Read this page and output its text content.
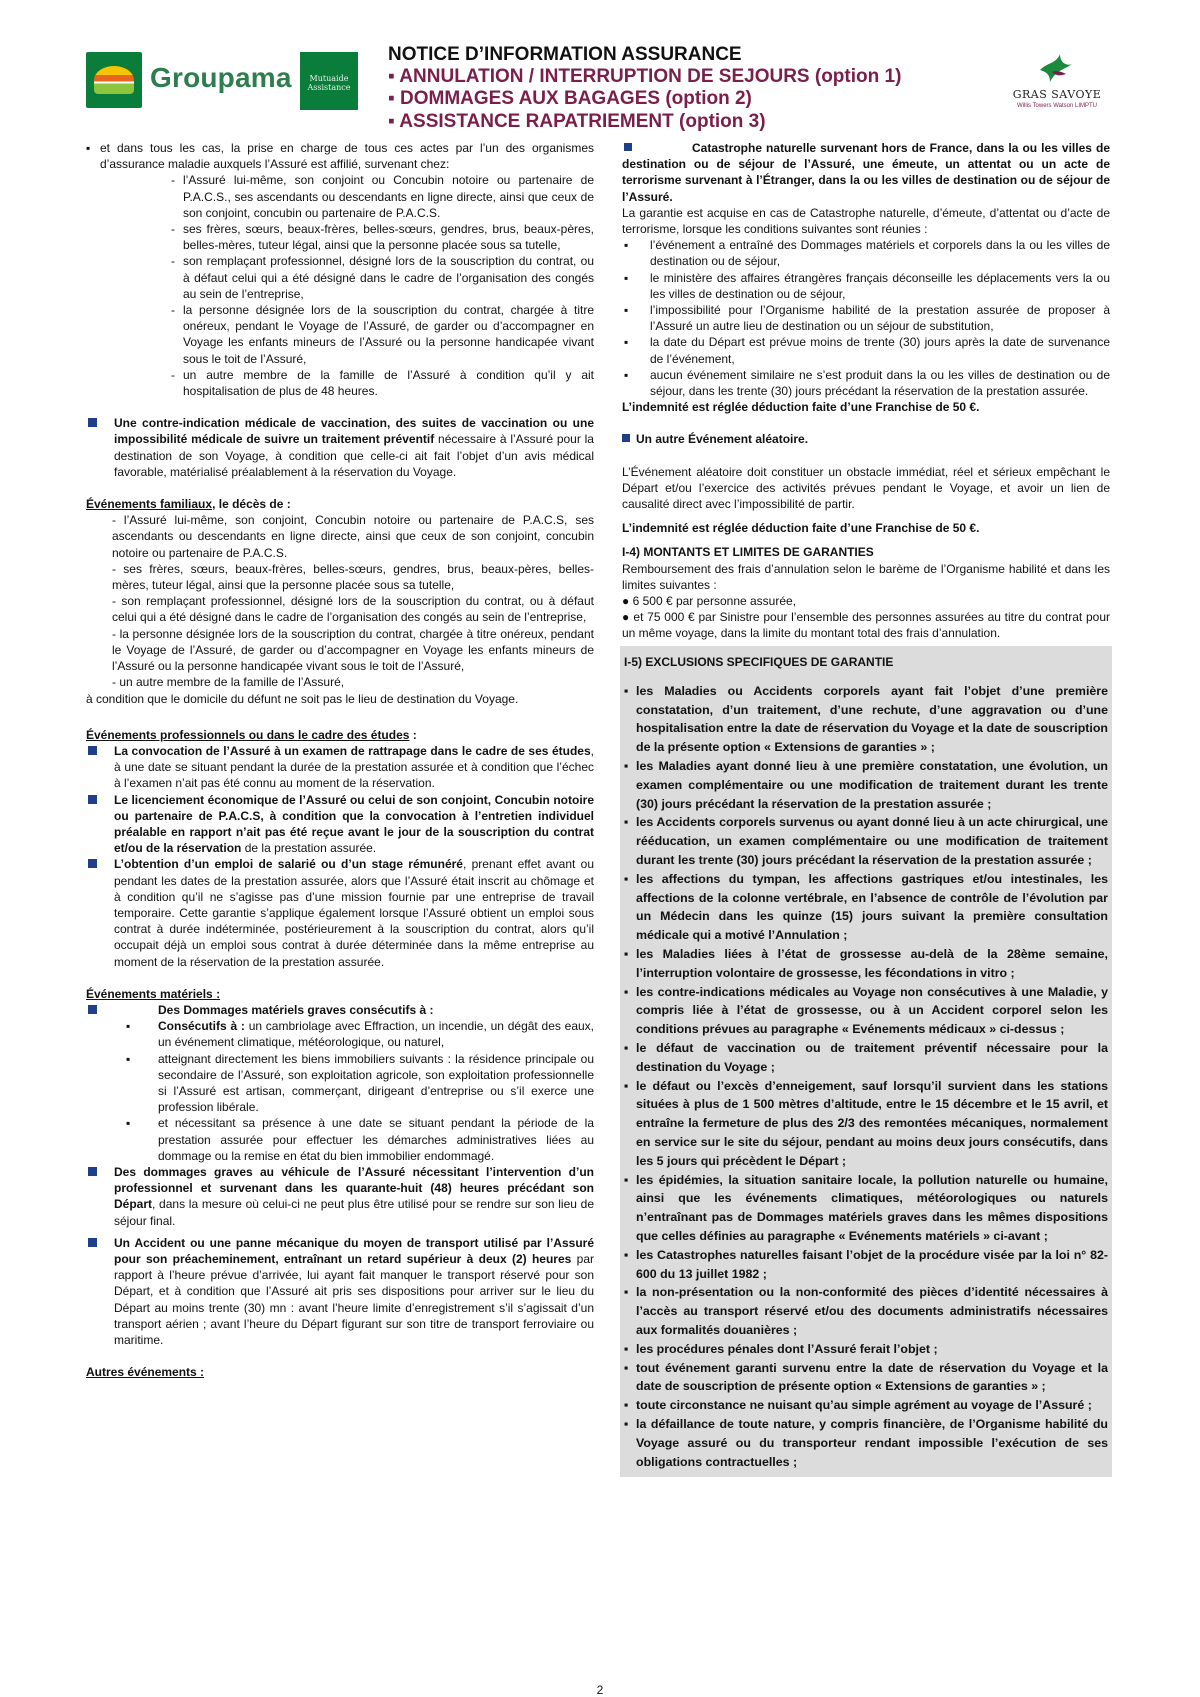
Groupama	Mutuaide Assistance
NOTICE D’INFORMATION ASSURANCE
▪ ANNULATION / INTERRUPTION DE SEJOURS (option 1)
▪ DOMMAGES AUX BAGAGES (option 2)
▪ ASSISTANCE RAPATRIEMENT (option 3)
GRAS SAVOYE
Willis Towers Watson LIMPTU
▪ et dans tous les cas, la prise en charge de tous ces actes par l’un des organismes d’assurance maladie auxquels l’Assuré est affilié, survenant chez:

- l’Assuré lui-même, son conjoint ou Concubin notoire ou partenaire de P.A.C.S., ses ascendants ou descendants en ligne directe, ainsi que ceux de son conjoint, concubin ou partenaire de P.A.C.S.

- ses frères, sœurs, beaux-frères, belles-sœurs, gendres, brus, beaux-pères, belles-mères, tuteur légal, ainsi que la personne placée sous sa tutelle,

- son remplaçant professionnel, désigné lors de la souscription du contrat, ou à défaut celui qui a été désigné dans le cadre de l’organisation des congés au sein de l’entreprise,

- la personne désignée lors de la souscription du contrat, chargée à titre onéreux, pendant le Voyage de l’Assuré, de garder ou d’accompagner en Voyage les enfants mineurs de l’Assuré ou la personne handicapée vivant sous le toit de l’Assuré,

- un autre membre de la famille de l’Assuré à condition qu’il y ait hospitalisation de plus de 48 heures.

Une contre-indication médicale de vaccination, des suites de vaccination ou une impossibilité médicale de suivre un traitement préventif nécessaire à l’Assuré pour la destination de son Voyage, à condition que celle-ci ait fait l’objet d’un avis médical favorable, matérialisé préalablement à la réservation du Voyage.

Événements familiaux, le décès de :

- l’Assuré lui-même, son conjoint, Concubin notoire ou partenaire de P.A.C.S, ses ascendants ou descendants en ligne directe, ainsi que ceux de son conjoint, concubin notoire ou partenaire de P.A.C.S.

- ses frères, sœurs, beaux-frères, belles-sœurs, gendres, brus, beaux-pères, belles-mères, tuteur légal, ainsi que la personne placée sous sa tutelle,

- son remplaçant professionnel, désigné lors de la souscription du contrat, ou à défaut celui qui a été désigné dans le cadre de l’organisation des congés au sein de l’entreprise,

- la personne désignée lors de la souscription du contrat, chargée à titre onéreux, pendant le Voyage de l’Assuré, de garder ou d’accompagner en Voyage les enfants mineurs de l’Assuré ou la personne handicapée vivant sous le toit de l’Assuré,

- un autre membre de la famille de l’Assuré,

à condition que le domicile du défunt ne soit pas le lieu de destination du Voyage.

Événements professionnels ou dans le cadre des études :

La convocation de l’Assuré à un examen de rattrapage dans le cadre de ses études, à une date se situant pendant la durée de la prestation assurée et à condition que l’échec à l’examen n’ait pas été connu au moment de la réservation.

Le licenciement économique de l’Assuré ou celui de son conjoint, Concubin notoire ou partenaire de P.A.C.S, à condition que la convocation à l’entretien individuel préalable en rapport n’ait pas été reçue avant le jour de la souscription du contrat et/ou de la réservation de la prestation assurée.

L’obtention d’un emploi de salarié ou d’un stage rémunéré, prenant effet avant ou pendant les dates de la prestation assurée, alors que l’Assuré était inscrit au chômage et à condition qu’il ne s’agisse pas d’une mission fournie par une entreprise de travail temporaire. Cette garantie s’applique également lorsque l’Assuré obtient un emploi sous contrat à durée indéterminée, postérieurement à la souscription du contrat, alors qu’il occupait déjà un emploi sous contrat à durée déterminée dans la même entreprise au moment de la réservation de la prestation assurée.

Événements matériels :

Des Dommages matériels graves consécutifs à :

▪ Consécutifs à : un cambriolage avec Effraction, un incendie, un dégât des eaux, un événement climatique, météorologique, ou naturel,

▪ atteignant directement les biens immobiliers suivants : la résidence principale ou secondaire de l’Assuré, son exploitation agricole, son exploitation professionnelle si l’Assuré est artisan, commerçant, dirigeant d’entreprise ou s’il exerce une profession libérale.

▪ et nécessitant sa présence à une date se situant pendant la période de la prestation assurée pour effectuer les démarches administratives liées au dommage ou la remise en état du bien immobilier endommagé.

Des dommages graves au véhicule de l’Assuré nécessitant l’intervention d’un professionnel et survenant dans les quarante-huit (48) heures précédant son Départ, dans la mesure où celui-ci ne peut plus être utilisé pour se rendre sur son lieu de séjour final.

Un Accident ou une panne mécanique du moyen de transport utilisé par l’Assuré pour son préacheminement, entraînant un retard supérieur à deux (2) heures par rapport à l’heure prévue d’arrivée, lui ayant fait manquer le transport réservé pour son Départ, et à condition que l’Assuré ait pris ses dispositions pour arriver sur le lieu du Départ au moins trente (30) mn : avant l’heure limite d’enregistrement s’il s’agissait d’un transport aérien ; avant l’heure du Départ figurant sur son titre de transport ferroviaire ou maritime.

Autres événements :

Catastrophe naturelle survenant hors de France, dans la ou les villes de destination ou de séjour de l’Assuré, une émeute, un attentat ou un acte de terrorisme survenant à l’Étranger, dans la ou les villes de destination ou de séjour de l’Assuré.

La garantie est acquise en cas de Catastrophe naturelle, d’émeute, d’attentat ou d’acte de terrorisme, lorsque les conditions suivantes sont réunies :

▪ l’événement a entraîné des Dommages matériels et corporels dans la ou les villes de destination ou de séjour,

▪ le ministère des affaires étrangères français déconseille les déplacements vers la ou les villes de destination ou de séjour,

▪ l’impossibilité pour l’Organisme habilité de la prestation assurée de proposer à l’Assuré un autre lieu de destination ou un séjour de substitution,

▪ la date du Départ est prévue moins de trente (30) jours après la date de survenance de l’événement,

▪ aucun événement similaire ne s’est produit dans la ou les villes de destination ou de séjour, dans les trente (30) jours précédant la réservation de la prestation assurée.

L’indemnité est réglée déduction faite d’une Franchise de 50 €.

Un autre Événement aléatoire.

L’Événement aléatoire doit constituer un obstacle immédiat, réel et sérieux empêchant le Départ et/ou l’exercice des activités prévues pendant le Voyage, et avoir un lien de causalité direct avec l’impossibilité de partir.

L’indemnité est réglée déduction faite d’une Franchise de 50 €.

I-4) MONTANTS ET LIMITES DE GARANTIES

Remboursement des frais d’annulation selon le barème de l’Organisme habilité et dans les limites suivantes :

● 6 500 € par personne assurée,

● et 75 000 € par Sinistre pour l’ensemble des personnes assurées au titre du contrat pour un même voyage, dans la limite du montant total des frais d’annulation.

I-5) EXCLUSIONS SPECIFIQUES DE GARANTIE

▪ les Maladies ou Accidents corporels ayant fait l’objet d’une première constatation, d’un traitement, d’une rechute, d’une aggravation ou d’une hospitalisation entre la date de réservation du Voyage et la date de souscription de la présente option « Extensions de garanties » ;
▪ les Maladies ayant donné lieu à une première constatation, une évolution, un examen complémentaire ou une modification de traitement durant les trente (30) jours précédant la réservation de la prestation assurée ;
▪ les Accidents corporels survenus ou ayant donné lieu à un acte chirurgical, une rééducation, un examen complémentaire ou une modification de traitement durant les trente (30) jours précédant la réservation de la prestation assurée ;
▪ les affections du tympan, les affections gastriques et/ou intestinales, les affections de la colonne vertébrale, en l’absence de contrôle de l’évolution par un Médecin dans les quinze (15) jours suivant la première consultation médicale qui a motivé l’Annulation ;
▪ les Maladies liées à l’état de grossesse au-delà de la 28ème semaine, l’interruption volontaire de grossesse, les fécondations in vitro ;
▪ les contre-indications médicales au Voyage non consécutives à une Maladie, y compris liée à l’état de grossesse, ou à un Accident corporel selon les conditions prévues au paragraphe « Evénements médicaux » ci-dessus ;
▪ le défaut de vaccination ou de traitement préventif nécessaire pour la destination du Voyage ;
▪ le défaut ou l’excès d’enneigement, sauf lorsqu’il survient dans les stations situées à plus de 1 500 mètres d’altitude, entre le 15 décembre et le 15 avril, et entraîne la fermeture de plus des 2/3 des remontées mécaniques, normalement en service sur le site du séjour, pendant au moins deux jours consécutifs, dans les 5 jours qui précèdent le Départ ;
▪ les épidémies, la situation sanitaire locale, la pollution naturelle ou humaine, ainsi que les événements climatiques, météorologiques ou naturels n’entraînant pas de Dommages matériels graves dans les mêmes dispositions que celles définies au paragraphe « Evénements matériels » ci-avant ;
▪ les Catastrophes naturelles faisant l’objet de la procédure visée par la loi n° 82-600 du 13 juillet 1982 ;
▪ la non-présentation ou la non-conformité des pièces d’identité nécessaires à l’accès au transport réservé et/ou des documents administratifs nécessaires aux formalités douanières ;
▪ les procédures pénales dont l’Assuré ferait l’objet ;
▪ tout événement garanti survenu entre la date de réservation du Voyage et la date de souscription de présente option « Extensions de garanties » ;
▪ toute circonstance ne nuisant qu’au simple agrément au voyage de l’Assuré ;
▪ la défaillance de toute nature, y compris financière, de l’Organisme habilité du Voyage assuré ou du transporteur rendant impossible l’exécution de ses obligations contractuelles ;
2
